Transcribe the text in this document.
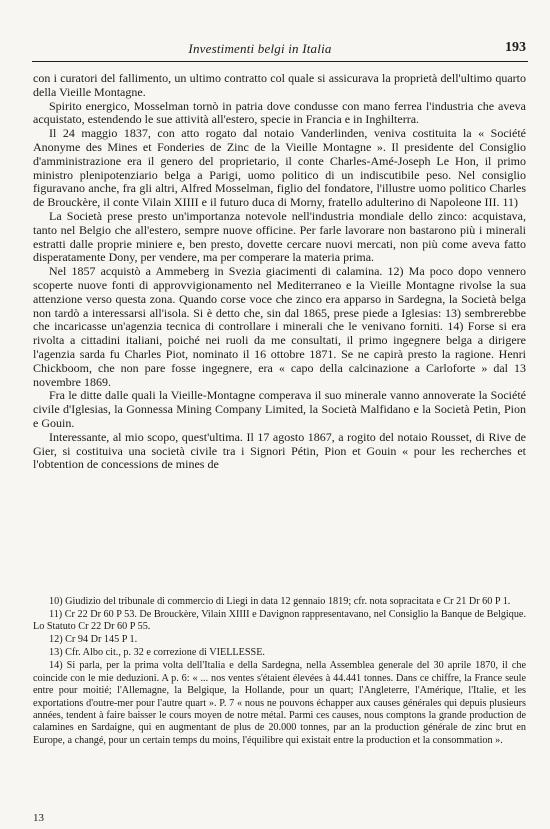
Investimenti belgi in Italia	193

con i curatori del fallimento, un ultimo contratto col quale si assicurava la proprietà dell'ultimo quarto della Vieille Montagne.

Spirito energico, Mosselman tornò in patria dove condusse con mano ferrea l'industria che aveva acquistato, estendendo le sue attività all'estero, specie in Francia e in Inghilterra.

Il 24 maggio 1837, con atto rogato dal notaio Vanderlinden, veniva costituita la « Société Anonyme des Mines et Fonderies de Zinc de la Vieille Montagne ». Il presidente del Consiglio d'amministrazione era il genero del proprietario, il conte Charles-Amé-Joseph Le Hon, il primo ministro plenipotenziario belga a Parigi, uomo politico di un indiscutibile peso. Nel consiglio figuravano anche, fra gli altri, Alfred Mosselman, figlio del fondatore, l'illustre uomo politico Charles de Brouckère, il conte Vilain XIIII e il futuro duca di Morny, fratello adulterino di Napoleone III. 11)

La Società prese presto un'importanza notevole nell'industria mondiale dello zinco: acquistava, tanto nel Belgio che all'estero, sempre nuove officine. Per farle lavorare non bastarono più i minerali estratti dalle proprie miniere e, ben presto, dovette cercare nuovi mercati, non più come aveva fatto disperatamente Dony, per vendere, ma per comperare la materia prima.

Nel 1857 acquistò a Ammeberg in Svezia giacimenti di calamina. 12) Ma poco dopo vennero scoperte nuove fonti di approvvigionamento nel Mediterraneo e la Vieille Montagne rivolse la sua attenzione verso questa zona. Quando corse voce che zinco era apparso in Sardegna, la Società belga non tardò a interessarsi all'isola. Si è detto che, sin dal 1865, prese piede a Iglesias: 13) sembrerebbe che incaricasse un'agenzia tecnica di controllare i minerali che le venivano forniti. 14) Forse si era rivolta a cittadini italiani, poiché nei ruoli da me consultati, il primo ingegnere belga a dirigere l'agenzia sarda fu Charles Piot, nominato il 16 ottobre 1871. Se ne capirà presto la ragione. Henri Chickboom, che non pare fosse ingegnere, era « capo della calcinazione a Carloforte » dal 13 novembre 1869.

Fra le ditte dalle quali la Vieille-Montagne comperava il suo minerale vanno annoverate la Société civile d'Iglesias, la Gonnessa Mining Company Limited, la Società Malfidano e la Società Petin, Pion e Gouin.

Interessante, al mio scopo, quest'ultima. Il 17 agosto 1867, a rogito del notaio Rousset, di Rive de Gier, si costituiva una società civile tra i Signori Pétin, Pion et Gouin « pour les recherches et l'obtention de concessions de mines de

10) Giudizio del tribunale di commercio di Liegi in data 12 gennaio 1819; cfr. nota sopracitata e Cr 21 Dr 60 P 1.

11) Cr 22 Dr 60 P 53. De Brouckère, Vilain XIIII e Davignon rappresentavano, nel Consiglio la Banque de Belgique. Lo Statuto Cr 22 Dr 60 P 55.

12) Cr 94 Dr 145 P 1.

13) Cfr. Albo cit., p. 32 e correzione di VIELLESSE.

14) Si parla, per la prima volta dell'Italia e della Sardegna, nella Assemblea generale del 30 aprile 1870, il che coincide con le mie deduzioni. A p. 6: « ... nos ventes s'étaient élevées à 44.441 tonnes. Dans ce chiffre, la France seule entre pour moitié; l'Allemagne, la Belgique, la Hollande, pour un quart; l'Angleterre, l'Amérique, l'Italie, et les exportations d'outre-mer pour l'autre quart ». P. 7 « nous ne pouvons échapper aux causes générales qui depuis plusieurs années, tendent à faire baisser le cours moyen de notre métal. Parmi ces causes, nous comptons la grande production de calamines en Sardaigne, qui en augmentant de plus de 20.000 tonnes, par an la production générale de zinc brut en Europe, a changé, pour un certain temps du moins, l'équilibre qui existait entre la production et la consommation ».

13
